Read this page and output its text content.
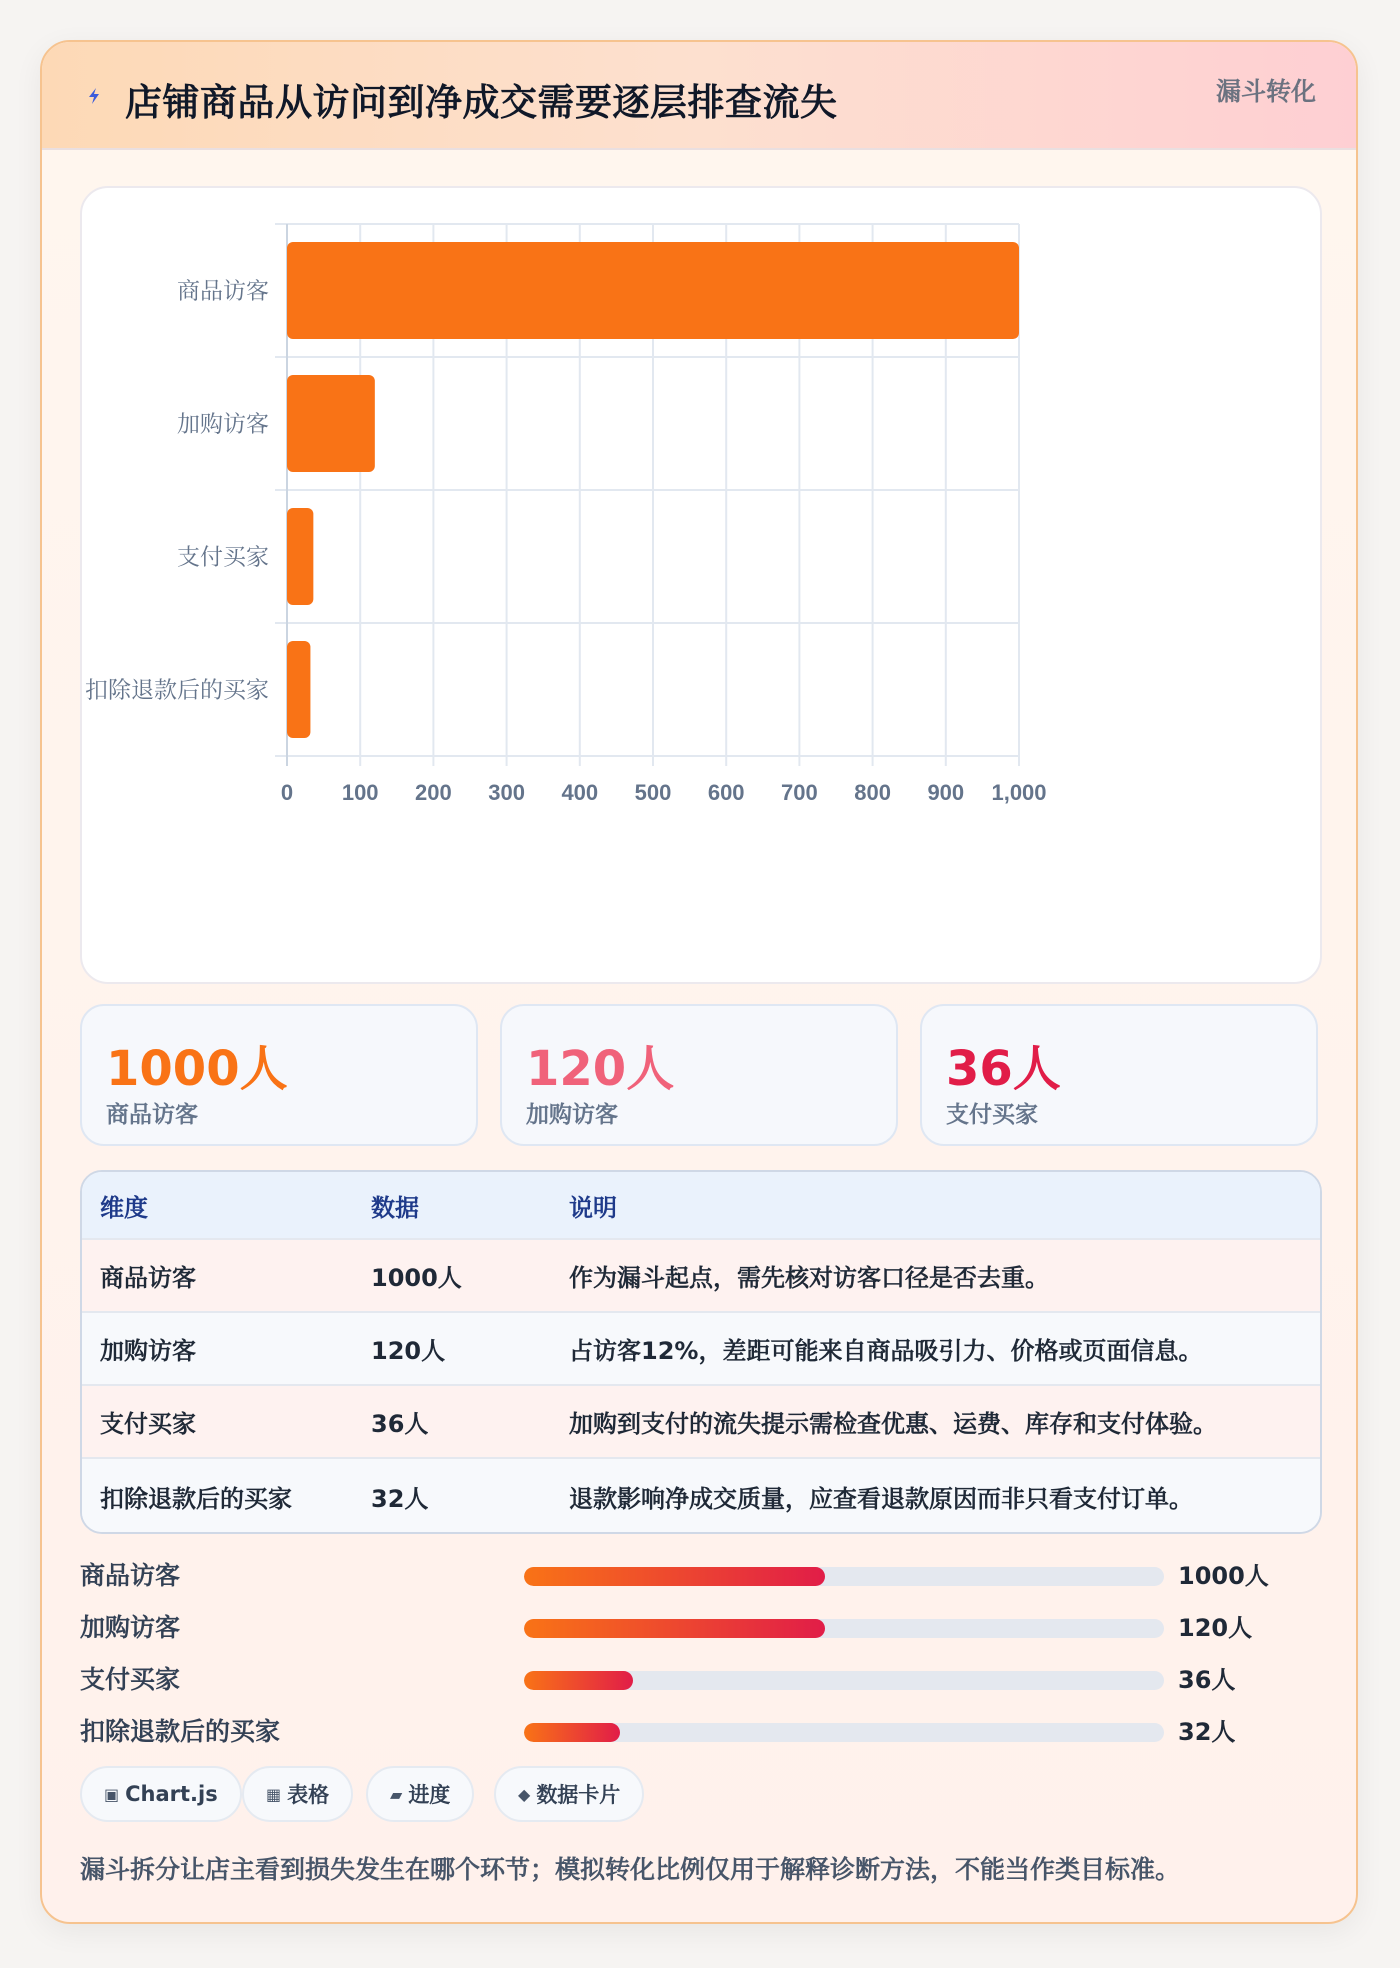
店铺商品从访问到净成交需要逐层排查流失	漏斗转化
商品访客
加购访客
支付买家
扣除退款后的买家
0 100 200 300 400 500 600 700 800 900 1,000
1000人
商品访客
120人
加购访客
36人
支付买家
维度	数据	说明
商品访客	1000人	作为漏斗起点，需先核对访客口径是否去重。
加购访客	120人	占访客12%，差距可能来自商品吸引力、价格或页面信息。
支付买家	36人	加购到支付的流失提示需检查优惠、运费、库存和支付体验。
扣除退款后的买家	32人	退款影响净成交质量，应查看退款原因而非只看支付订单。
商品访客	1000人
加购访客	120人
支付买家	36人
扣除退款后的买家	32人
▣ Chart.js	▦ 表格	▰ 进度	◆ 数据卡片
漏斗拆分让店主看到损失发生在哪个环节；模拟转化比例仅用于解释诊断方法，不能当作类目标准。
